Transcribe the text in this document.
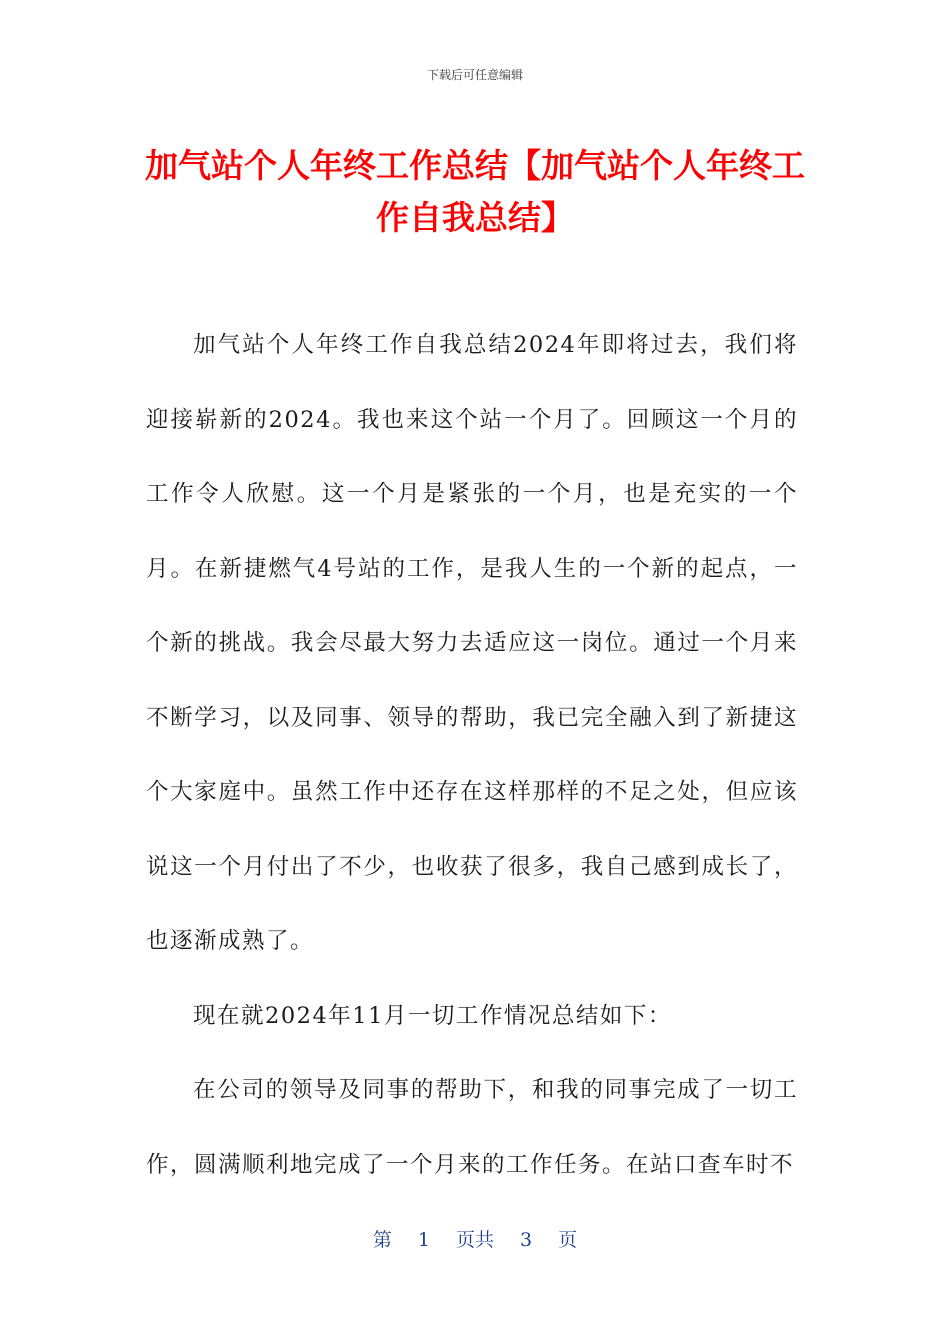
下载后可任意编辑
加气站个人年终工作总结【加气站个人年终工作自我总结】

加气站个人年终工作自我总结2024年即将过去，我们将迎接崭新的2024。我也来这个站一个月了。回顾这一个月的工作令人欣慰。这一个月是紧张的一个月，也是充实的一个月。在新捷燃气4号站的工作，是我人生的一个新的起点，一个新的挑战。我会尽最大努力去适应这一岗位。通过一个月来不断学习，以及同事、领导的帮助，我已完全融入到了新捷这个大家庭中。虽然工作中还存在这样那样的不足之处，但应该说这一个月付出了不少，也收获了很多，我自己感到成长了，也逐渐成熟了。

现在就2024年11月一切工作情况总结如下：

在公司的领导及同事的帮助下，和我的同事完成了一切工作，圆满顺利地完成了一个月来的工作任务。在站口查车时不

第 1 页共 3 页
